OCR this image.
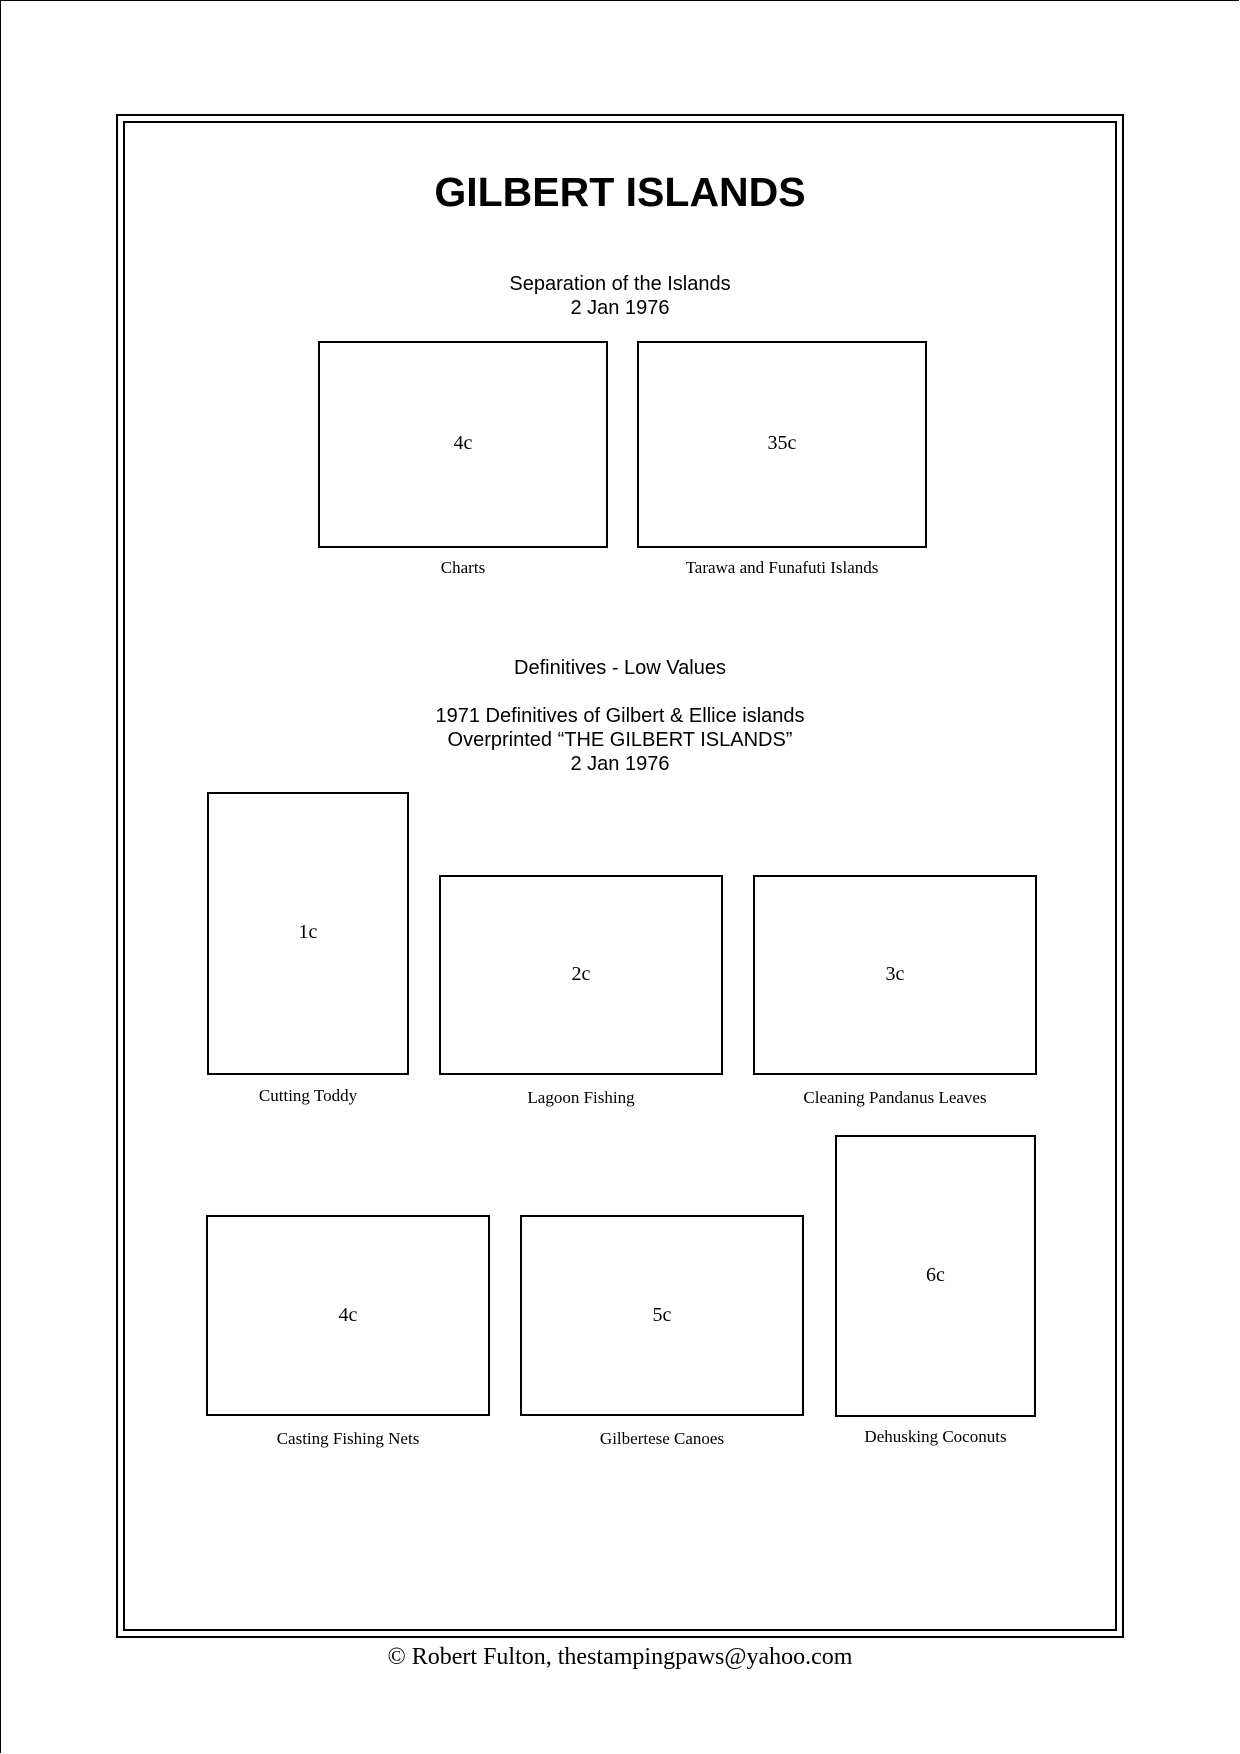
GILBERT ISLANDS
Separation of the Islands
2 Jan 1976
4c
Charts
35c
Tarawa and Funafuti Islands
Definitives - Low Values
1971 Definitives of Gilbert & Ellice islands
Overprinted “THE GILBERT ISLANDS”
2 Jan 1976
1c
Cutting Toddy
2c
Lagoon Fishing
3c
Cleaning Pandanus Leaves
4c
Casting Fishing Nets
5c
Gilbertese Canoes
6c
Dehusking Coconuts
© Robert Fulton, thestampingpaws@yahoo.com
